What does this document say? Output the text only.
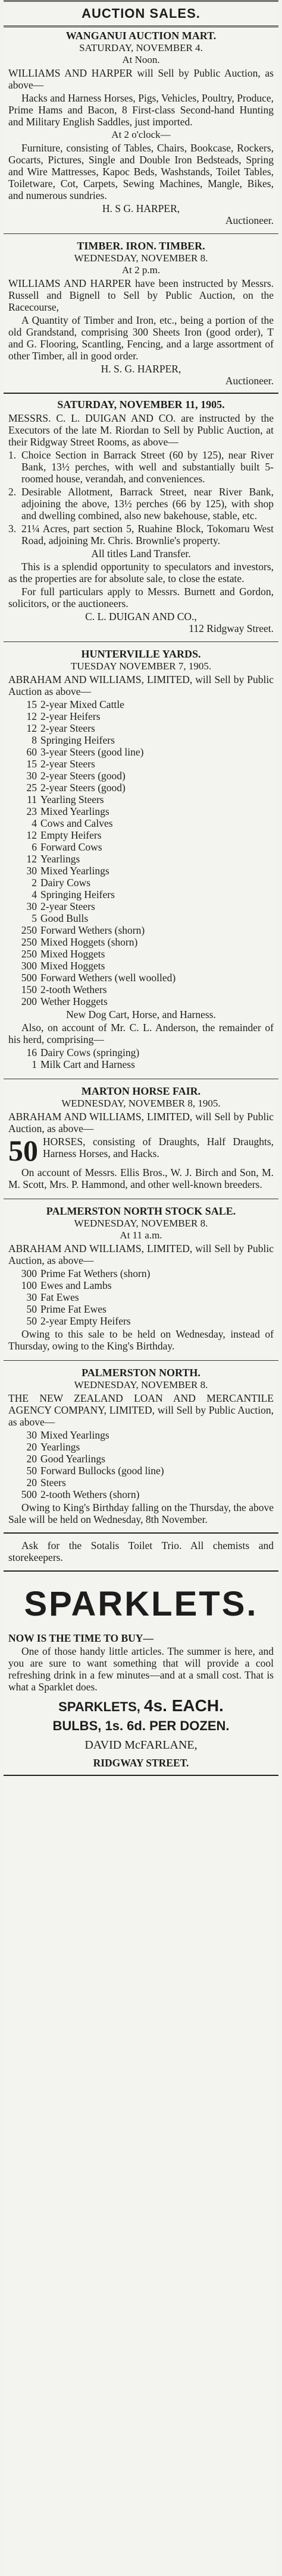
AUCTION SALES.
WANGANUI AUCTION MART.
SATURDAY, NOVEMBER 4.
At Noon.
WILLIAMS AND HARPER will Sell by Public Auction, as above—
Hacks and Harness Horses, Pigs, Vehicles, Poultry, Produce, Prime Hams and Bacon, 8 First-class Second-hand Hunting and Military English Saddles, just imported.
At 2 o'clock—
Furniture, consisting of Tables, Chairs, Bookcase, Rockers, Gocarts, Pictures, Single and Double Iron Bedsteads, Spring and Wire Mattresses, Kapoc Beds, Washstands, Toilet Tables, Toiletware, Cot, Carpets, Sewing Machines, Mangle, Bikes, and numerous sundries.
H. S G. HARPER,
Auctioneer.
TIMBER. IRON. TIMBER.
WEDNESDAY, NOVEMBER 8.
At 2 p.m.
WILLIAMS AND HARPER have been instructed by Messrs. Russell and Bignell to Sell by Public Auction, on the Racecourse,
A Quantity of Timber and Iron, etc., being a portion of the old Grandstand, comprising 300 Sheets Iron (good order), T and G. Flooring, Scantling, Fencing, and a large assortment of other Timber, all in good order.
H. S. G. HARPER,
Auctioneer.
SATURDAY, NOVEMBER 11, 1905.
MESSRS. C. L. DUIGAN AND CO. are instructed by the Executors of the late M. Riordan to Sell by Public Auction, at their Ridgway Street Rooms, as above—
1. Choice Section in Barrack Street (60 by 125), near River Bank, 13½ perches, with well and substantially built 5-roomed house, verandah, and conveniences.
2. Desirable Allotment, Barrack Street, near River Bank, adjoining the above, 13½ perches (66 by 125), with shop and dwelling combined, also new bakehouse, stable, etc.
3. 21¼ Acres, part section 5, Ruahine Block, Tokomaru West Road, adjoining Mr. Chris. Brownlie's property.
All titles Land Transfer.
This is a splendid opportunity to speculators and investors, as the properties are for absolute sale, to close the estate.
For full particulars apply to Messrs. Burnett and Gordon, solicitors, or the auctioneers.
C. L. DUIGAN AND CO.,
112 Ridgway Street.
HUNTERVILLE YARDS.
TUESDAY NOVEMBER 7, 1905.
ABRAHAM AND WILLIAMS, LIMITED, will Sell by Public Auction as above—
15 2-year Mixed Cattle
12 2-year Heifers
12 2-year Steers
8 Springing Heifers
60 3-year Steers (good line)
15 2-year Steers
30 2-year Steers (good)
25 2-year Steers (good)
11 Yearling Steers
23 Mixed Yearlings
4 Cows and Calves
12 Empty Heifers
6 Forward Cows
12 Yearlings
30 Mixed Yearlings
2 Dairy Cows
4 Springing Heifers
30 2-year Steers
5 Good Bulls
250 Forward Wethers (shorn)
250 Mixed Hoggets (shorn)
250 Mixed Hoggets
300 Mixed Hoggets
500 Forward Wethers (well woolled)
150 2-tooth Wethers
200 Wether Hoggets
New Dog Cart, Horse, and Harness.
Also, on account of Mr. C. L. Anderson, the remainder of his herd, comprising—
16 Dairy Cows (springing)
1 Milk Cart and Harness
MARTON HORSE FAIR.
WEDNESDAY, NOVEMBER 8, 1905.
ABRAHAM AND WILLIAMS, LIMITED, will Sell by Public Auction, as above—
50 HORSES, consisting of Draughts, Half Draughts, Harness Horses, and Hacks.
On account of Messrs. Ellis Bros., W. J. Birch and Son, M. M. Scott, Mrs. P. Hammond, and other well-known breeders.
PALMERSTON NORTH STOCK SALE.
WEDNESDAY, NOVEMBER 8.
At 11 a.m.
ABRAHAM AND WILLIAMS, LIMITED, will Sell by Public Auction, as above—
300 Prime Fat Wethers (shorn)
100 Ewes and Lambs
30 Fat Ewes
50 Prime Fat Ewes
50 2-year Empty Heifers
Owing to this sale to be held on Wednesday, instead of Thursday, owing to the King's Birthday.
PALMERSTON NORTH.
WEDNESDAY, NOVEMBER 8.
THE NEW ZEALAND LOAN AND MERCANTILE AGENCY COMPANY, LIMITED, will Sell by Public Auction, as above—
30 Mixed Yearlings
20 Yearlings
20 Good Yearlings
50 Forward Bullocks (good line)
20 Steers
500 2-tooth Wethers (shorn)
Owing to King's Birthday falling on the Thursday, the above Sale will be held on Wednesday, 8th November.
Ask for the Sotalis Toilet Trio. All chemists and storekeepers.
SPARKLETS.
NOW IS THE TIME TO BUY—
One of those handy little articles. The summer is here, and you are sure to want something that will provide a cool refreshing drink in a few minutes—and at a small cost. That is what a Sparklet does.
SPARKLETS, 4s. EACH.
BULBS, 1s. 6d. PER DOZEN.
DAVID McFARLANE,
RIDGWAY STREET.
